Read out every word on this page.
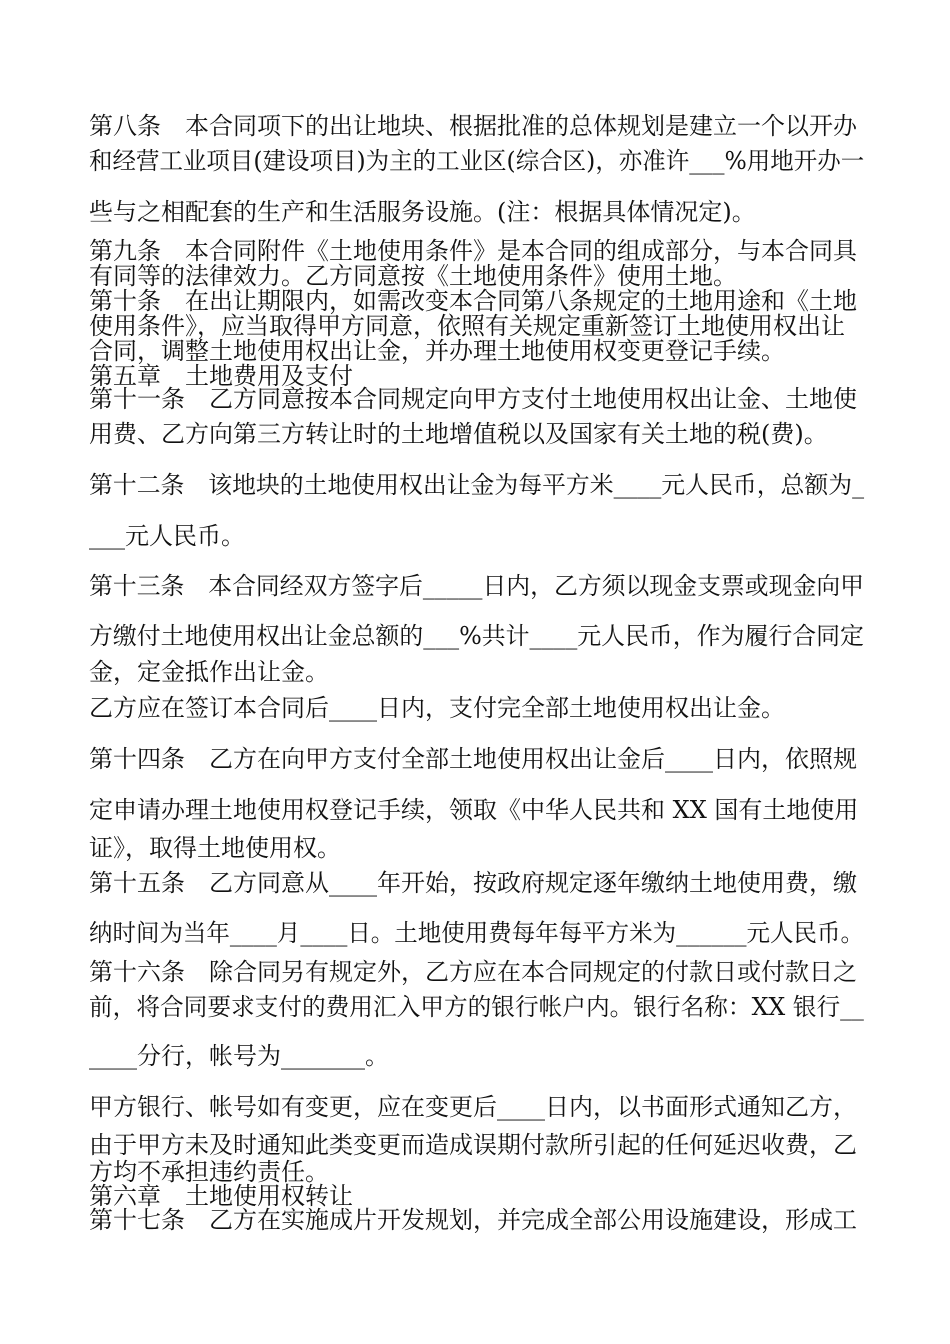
第八条　本合同项下的出让地块、根据批准的总体规划是建立一个以开办

和经营工业项目(建设项目)为主的工业区(综合区)，亦准许___%用地开办一

些与之相配套的生产和生活服务设施。(注：根据具体情况定)。

第九条　本合同附件《土地使用条件》是本合同的组成部分，与本合同具

有同等的法律效力。乙方同意按《土地使用条件》使用土地。

第十条　在出让期限内，如需改变本合同第八条规定的土地用途和《土地

使用条件》，应当取得甲方同意，依照有关规定重新签订土地使用权出让

合同，调整土地使用权出让金，并办理土地使用权变更登记手续。

第五章　土地费用及支付

第十一条　乙方同意按本合同规定向甲方支付土地使用权出让金、土地使

用费、乙方向第三方转让时的土地增值税以及国家有关土地的税(费)。

第十二条　该地块的土地使用权出让金为每平方米____元人民币，总额为_

___元人民币。

第十三条　本合同经双方签字后_____日内，乙方须以现金支票或现金向甲

方缴付土地使用权出让金总额的___%共计____元人民币，作为履行合同定

金，定金抵作出让金。

乙方应在签订本合同后____日内，支付完全部土地使用权出让金。

第十四条　乙方在向甲方支付全部土地使用权出让金后____日内，依照规

定申请办理土地使用权登记手续，领取《中华人民共和 XX 国有土地使用

证》，取得土地使用权。

第十五条　乙方同意从____年开始，按政府规定逐年缴纳土地使用费，缴

纳时间为当年____月____日。土地使用费每年每平方米为______元人民币。

第十六条　除合同另有规定外，乙方应在本合同规定的付款日或付款日之

前，将合同要求支付的费用汇入甲方的银行帐户内。银行名称：XX 银行__

____分行，帐号为_______。

甲方银行、帐号如有变更，应在变更后____日内，以书面形式通知乙方，

由于甲方未及时通知此类变更而造成误期付款所引起的任何延迟收费，乙

方均不承担违约责任。

第六章　土地使用权转让

第十七条　乙方在实施成片开发规划，并完成全部公用设施建设，形成工
